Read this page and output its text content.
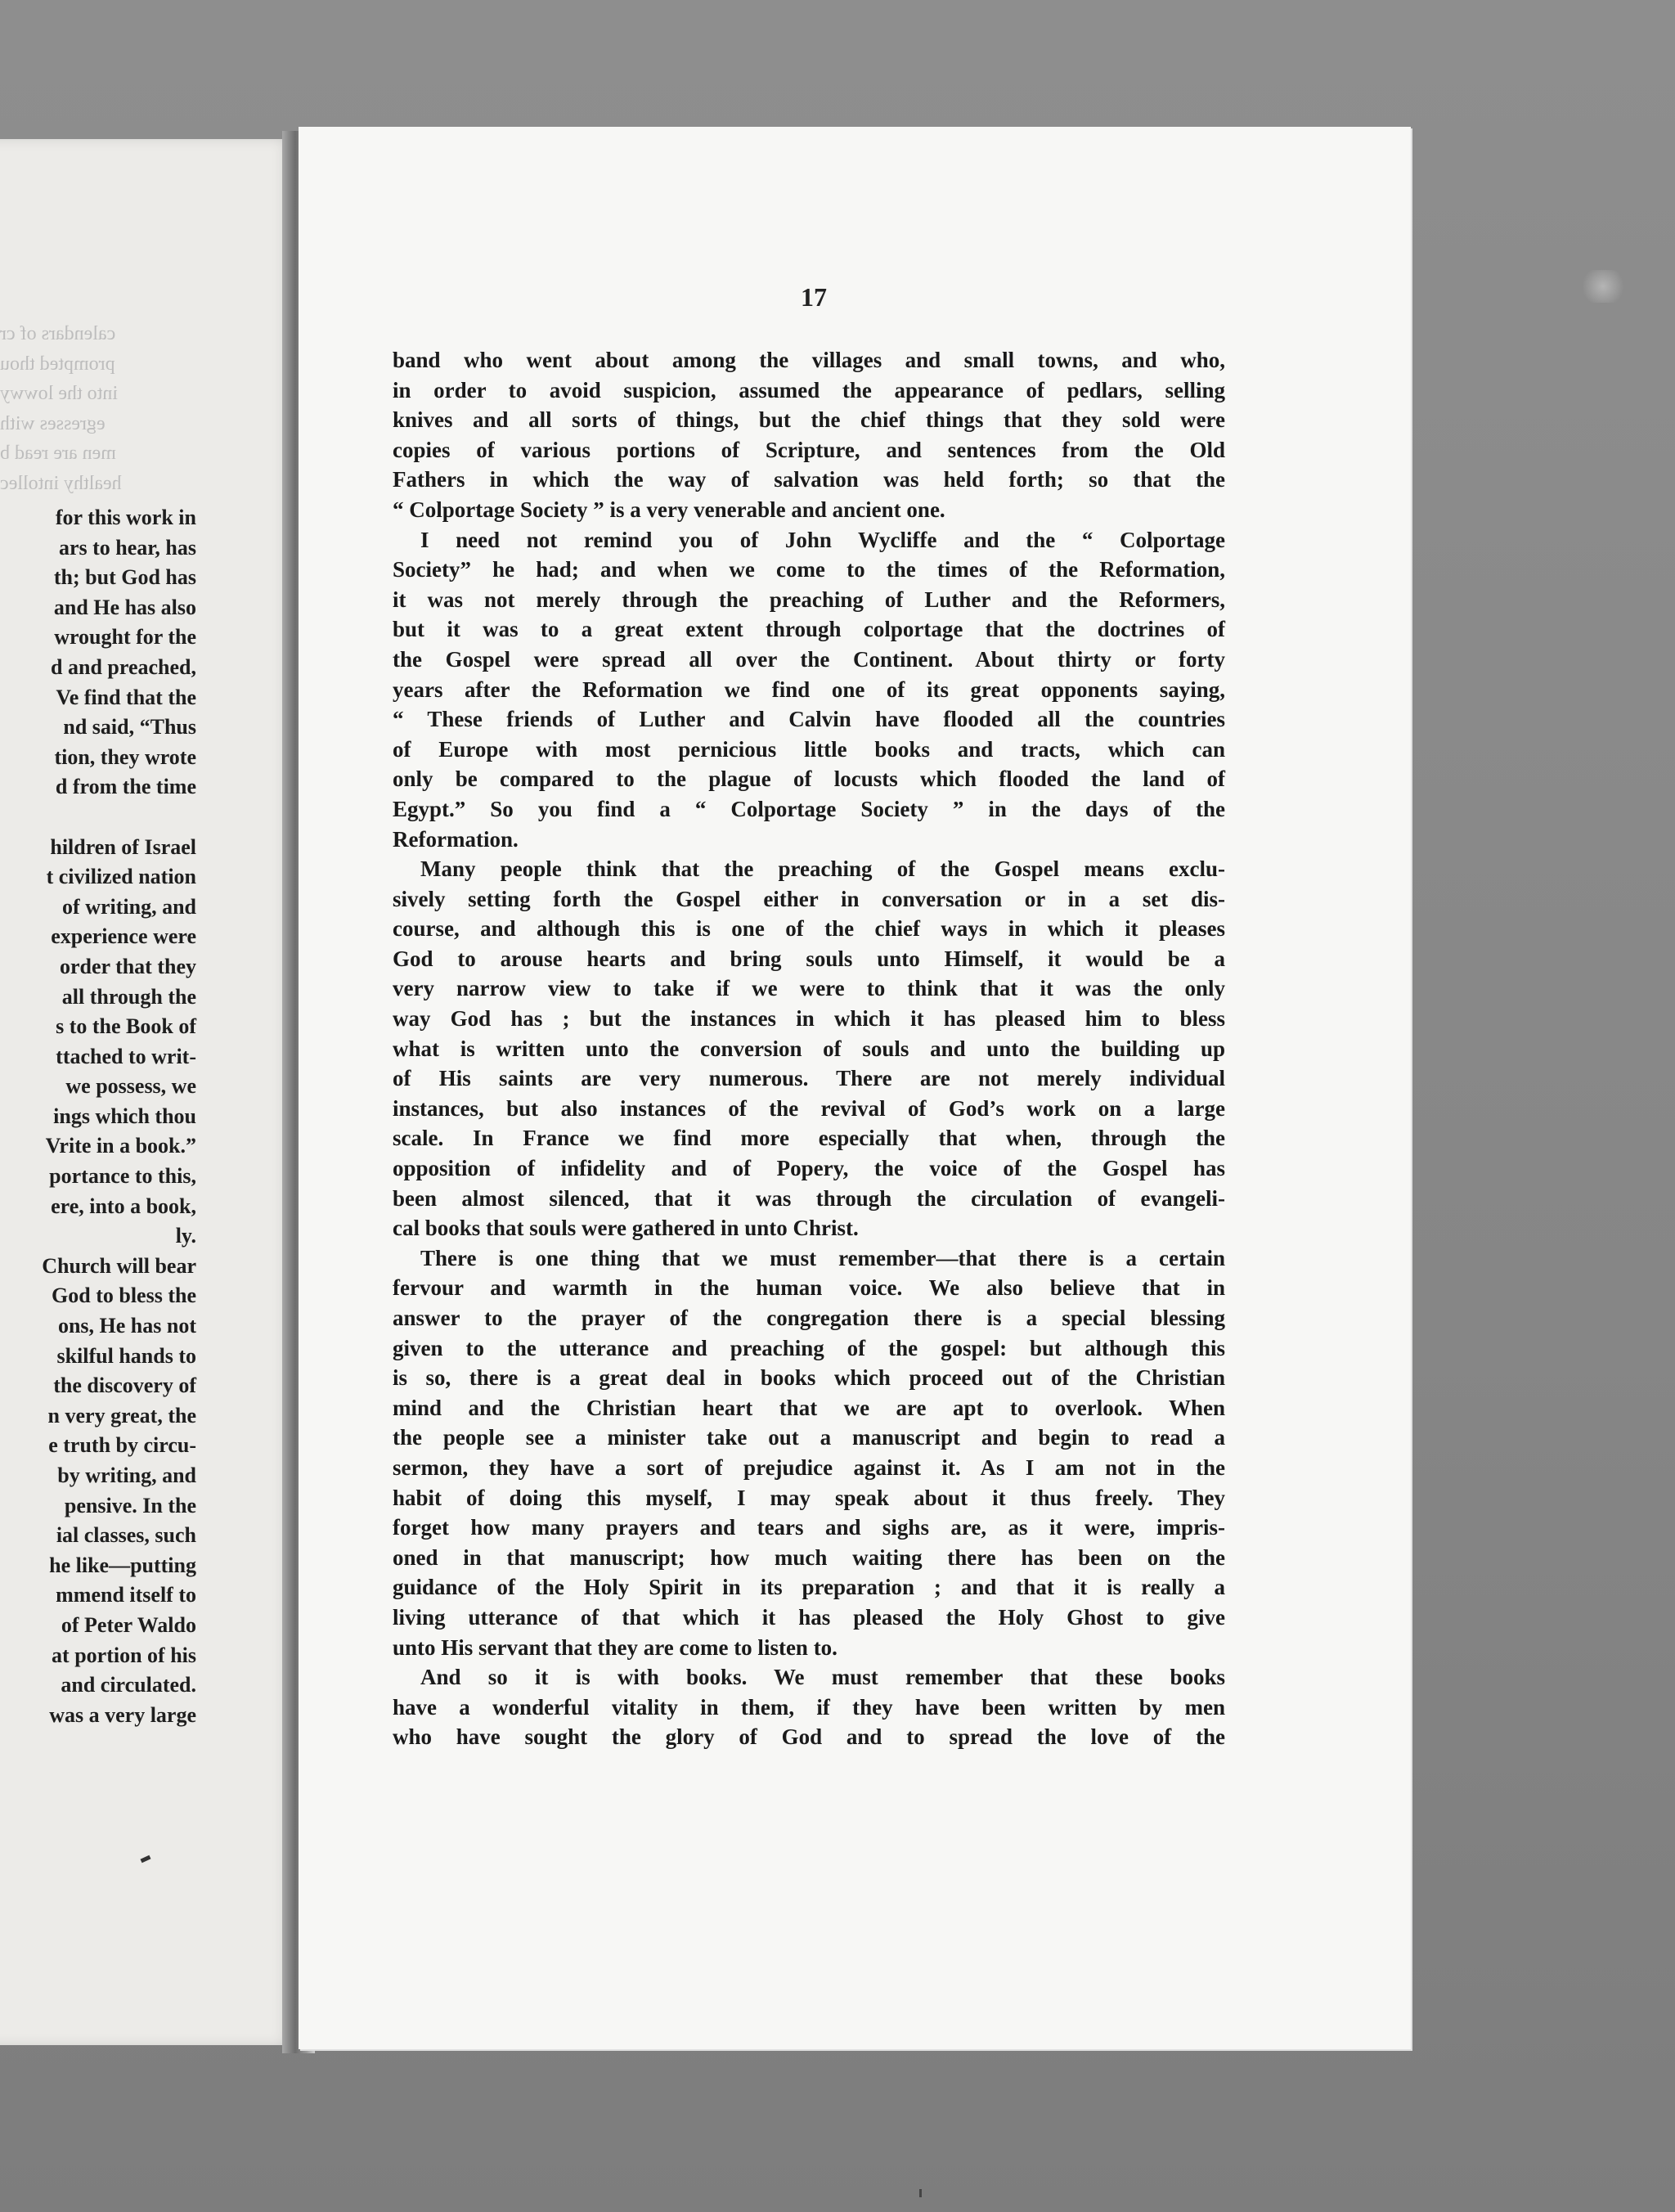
calendars of cr
prompted thou
into the lowwy
egresses with
men are read b
healthy intollec
for this work in
ars to hear, has
th; but God has
and He has also
wrought for the
d and preached,
Ve find that the
nd said, “Thus
tion, they wrote
d from the time
hildren of Israel
t civilized nation
of writing, and
experience were
order that they
all through the
s to the Book of
ttached to writ-
we possess, we
ings which thou
Vrite in a book.”
portance to this,
ere, into a book,
ly.
Church will bear
God to bless the
ons, He has not
skilful hands to
the discovery of
n very great, the
e truth by circu-
by writing, and
pensive. In the
ial classes, such
he like—putting
mmend itself to
of Peter Waldo
at portion of his
and circulated.
was a very large
17
band who went about among the villages and small towns, and who,
in order to avoid suspicion, assumed the appearance of pedlars, selling
knives and all sorts of things, but the chief things that they sold were
copies of various portions of Scripture, and sentences from the Old
Fathers in which the way of salvation was held forth; so that the
“ Colportage Society ” is a very venerable and ancient one.
I need not remind you of John Wycliffe and the “ Colportage
Society” he had; and when we come to the times of the Reformation,
it was not merely through the preaching of Luther and the Reformers,
but it was to a great extent through colportage that the doctrines of
the Gospel were spread all over the Continent. About thirty or forty
years after the Reformation we find one of its great opponents saying,
“ These friends of Luther and Calvin have flooded all the countries
of Europe with most pernicious little books and tracts, which can
only be compared to the plague of locusts which flooded the land of
Egypt.” So you find a “ Colportage Society ” in the days of the
Reformation.
Many people think that the preaching of the Gospel means exclu-
sively setting forth the Gospel either in conversation or in a set dis-
course, and although this is one of the chief ways in which it pleases
God to arouse hearts and bring souls unto Himself, it would be a
very narrow view to take if we were to think that it was the only
way God has ; but the instances in which it has pleased him to bless
what is written unto the conversion of souls and unto the building up
of His saints are very numerous. There are not merely individual
instances, but also instances of the revival of God’s work on a large
scale. In France we find more especially that when, through the
opposition of infidelity and of Popery, the voice of the Gospel has
been almost silenced, that it was through the circulation of evangeli-
cal books that souls were gathered in unto Christ.
There is one thing that we must remember—that there is a certain
fervour and warmth in the human voice. We also believe that in
answer to the prayer of the congregation there is a special blessing
given to the utterance and preaching of the gospel: but although this
is so, there is a great deal in books which proceed out of the Christian
mind and the Christian heart that we are apt to overlook. When
the people see a minister take out a manuscript and begin to read a
sermon, they have a sort of prejudice against it. As I am not in the
habit of doing this myself, I may speak about it thus freely. They
forget how many prayers and tears and sighs are, as it were, impris-
oned in that manuscript; how much waiting there has been on the
guidance of the Holy Spirit in its preparation ; and that it is really a
living utterance of that which it has pleased the Holy Ghost to give
unto His servant that they are come to listen to.
And so it is with books. We must remember that these books
have a wonderful vitality in them, if they have been written by men
who have sought the glory of God and to spread the love of the
